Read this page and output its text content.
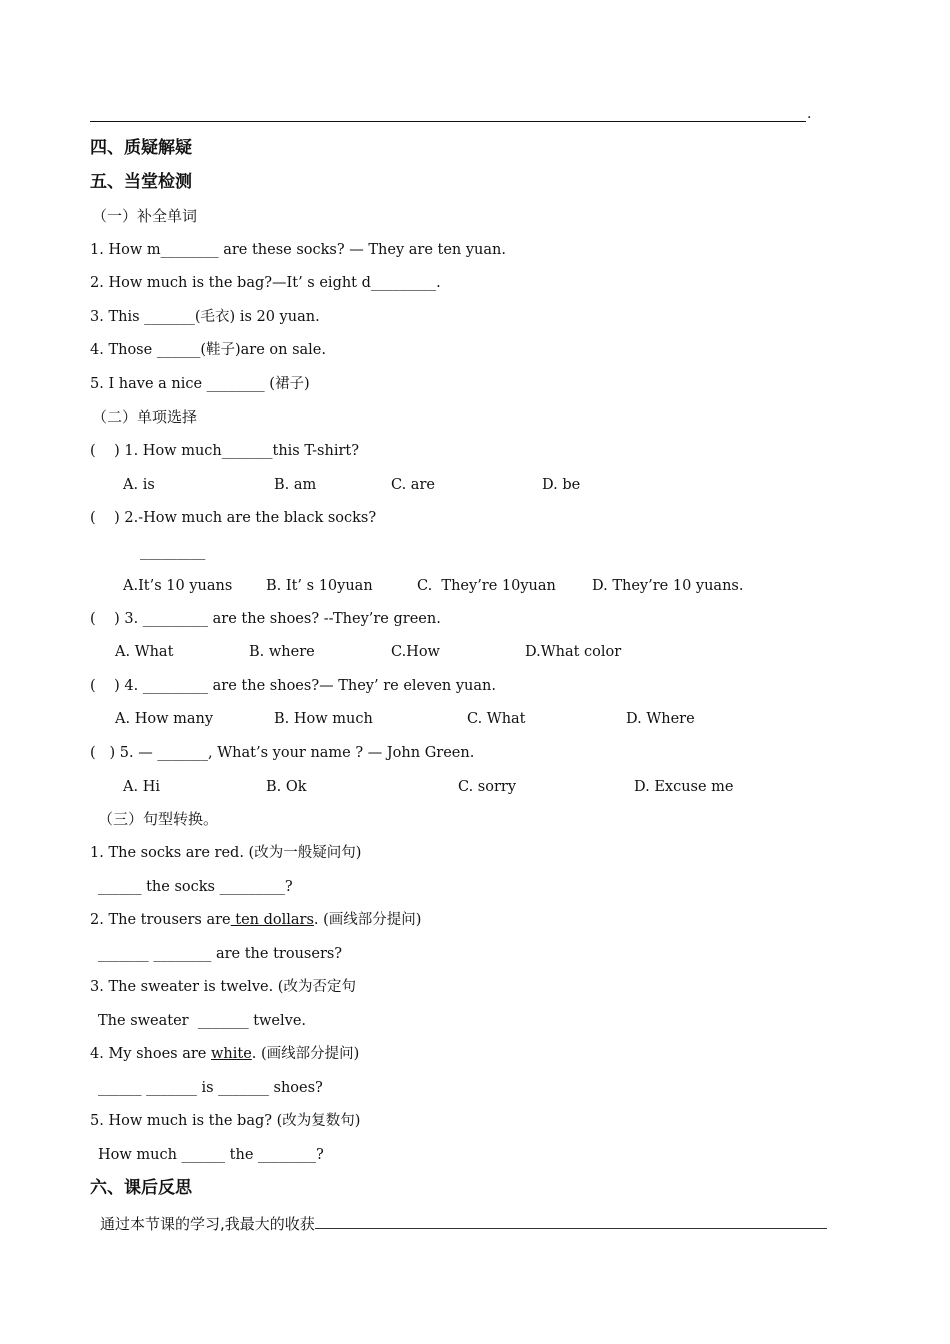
.
四、质疑解疑
五、当堂检测
（一）补全单词
1. How m________ are these socks? — They are ten yuan.
2. How much is the bag?—It’ s eight d_________.
3. This _______(毛衣) is 20 yuan.
4. Those ______(鞋子)are on sale.
5. I have a nice ________ (裙子)
（二）单项选择
(    ) 1. How much_______this T-shirt?
A. is	B. am	C. are	D. be
(    ) 2.-How much are the black socks?
_________
A.It’s 10 yuans B. It’ s 10yuan	C.  They’re 10yuan D. They’re 10 yuans.
(    ) 3. _________ are the shoes? --They’re green.
A. What	B. where	C.How	D.What color
(    ) 4. _________ are the shoes?— They’ re eleven yuan.
A. How many	B. How much	C. What	D. Where
(   ) 5. — _______, What’s your name ? — John Green.
A. Hi	B. Ok	C. sorry	D. Excuse me
（三）句型转换。
1. The socks are red. (改为一般疑问句)
______ the socks _________?
2. The trousers are ten dollars. (画线部分提问)
_______ ________ are the trousers?
3. The sweater is twelve. (改为否定句
The sweater  _______ twelve.
4. My shoes are white. (画线部分提问)
______ _______ is _______ shoes?
5. How much is the bag? (改为复数句)
How much ______ the ________?
六、课后反思
通过本节课的学习,我最大的收获
